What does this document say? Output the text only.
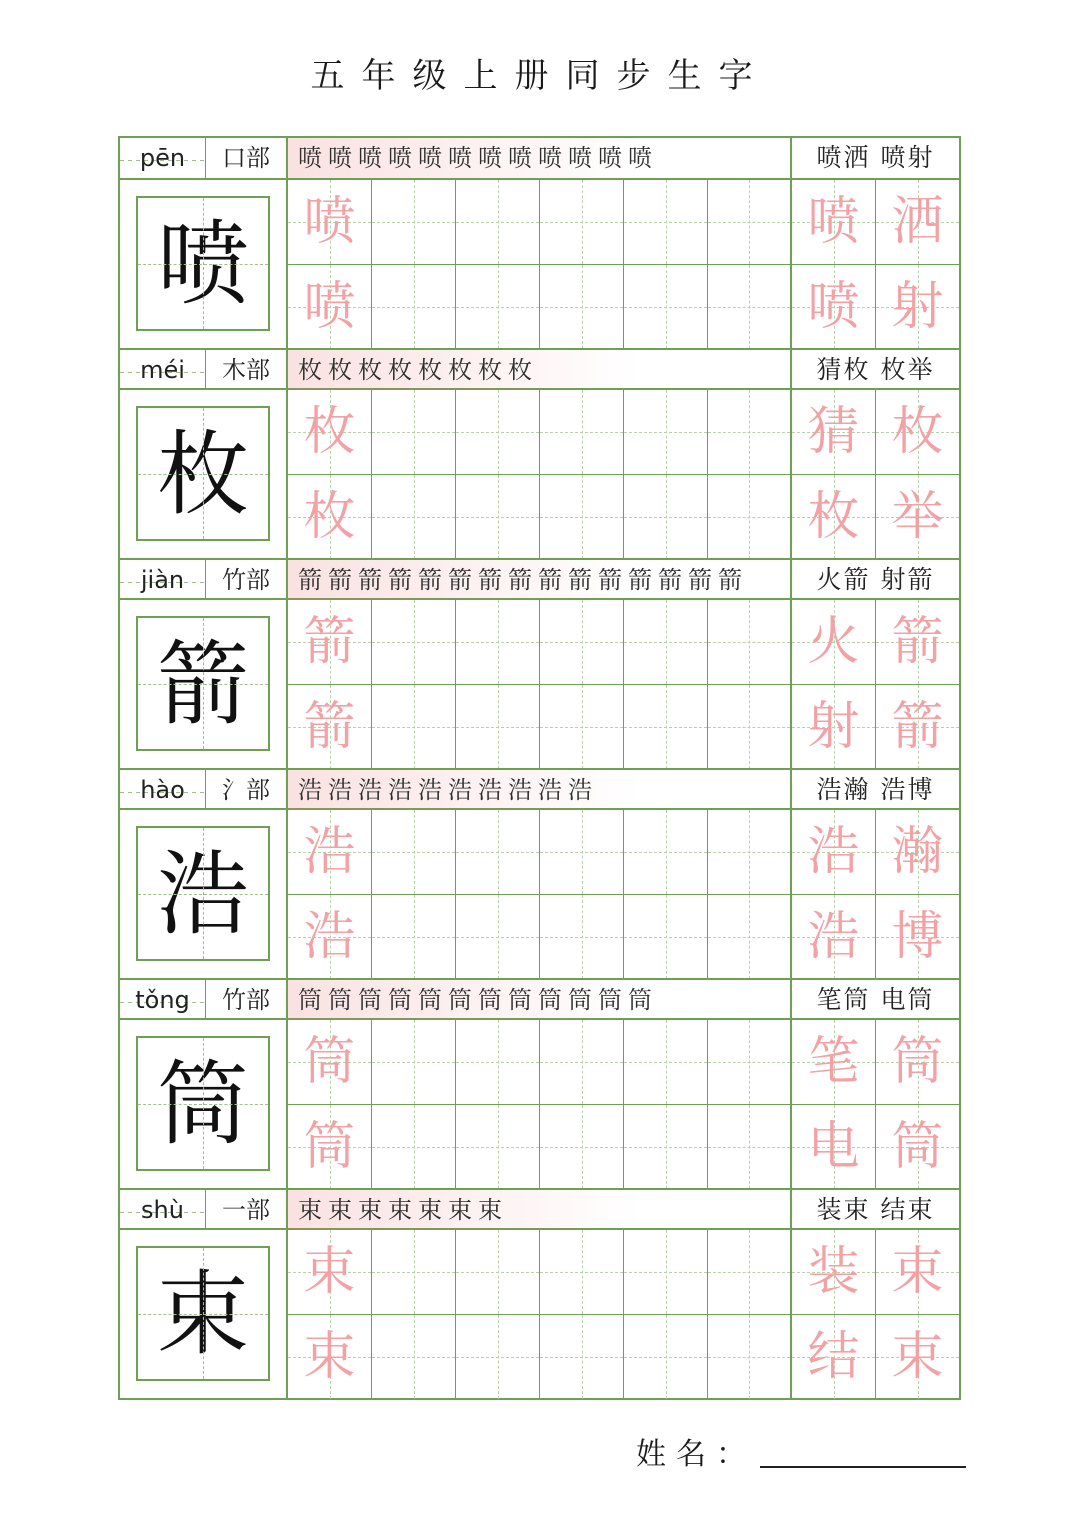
五年级上册同步生字
pēn	口部	喷喷喷喷喷喷喷喷喷喷喷喷	喷洒 喷射
喷	喷	喷 洒
喷	喷 射
méi	木部	枚枚枚枚枚枚枚枚	猜枚 枚举
枚	枚	猜 枚
枚	枚 举
jiàn	竹部	箭箭箭箭箭箭箭箭箭箭箭箭箭箭箭	火箭 射箭
箭	箭	火 箭
箭	射 箭
hào	氵部	浩浩浩浩浩浩浩浩浩浩	浩瀚 浩博
浩	浩	浩 瀚
浩	浩 博
tǒng	竹部	筒筒筒筒筒筒筒筒筒筒筒筒	笔筒 电筒
筒	筒	笔 筒
筒	电 筒
shù	一部	束束束束束束束	装束 结束
束	束	装 束
束	结 束
姓名：
